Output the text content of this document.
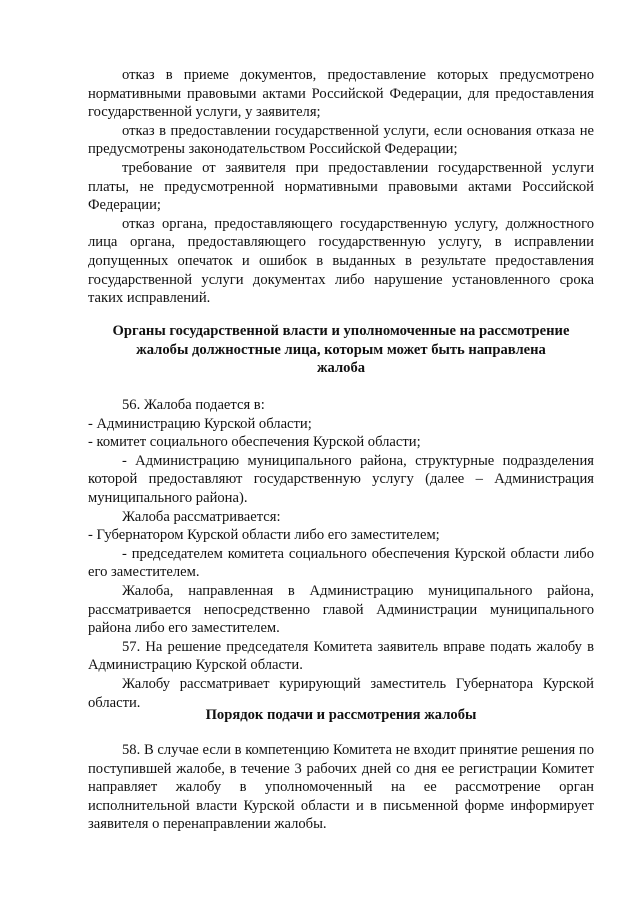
отказ в приеме документов, предоставление которых предусмотрено нормативными правовыми актами Российской Федерации, для предоставления государственной услуги, у заявителя;

отказ в предоставлении государственной услуги, если основания отказа не предусмотрены законодательством Российской Федерации;

требование от заявителя при предоставлении государственной услуги платы, не предусмотренной нормативными правовыми актами Российской Федерации;

отказ органа, предоставляющего государственную услугу, должностного лица органа, предоставляющего государственную услугу, в исправлении допущенных опечаток и ошибок в выданных в результате предоставления государственной услуги документах либо нарушение установленного срока таких исправлений.

Органы государственной власти и уполномоченные на рассмотрение жалобы должностные лица, которым может быть направлена жалоба

56. Жалоба подается в:

- Администрацию Курской области;

- комитет социального обеспечения Курской области;

- Администрацию муниципального района, структурные подразделения которой предоставляют государственную услугу (далее – Администрация муниципального района).

Жалоба рассматривается:

- Губернатором Курской области либо его заместителем;

- председателем комитета социального обеспечения Курской области либо его заместителем.

Жалоба, направленная в Администрацию муниципального района, рассматривается непосредственно главой Администрации муниципального района либо его заместителем.

57. На решение председателя Комитета заявитель вправе подать жалобу в Администрацию Курской области.

Жалобу рассматривает курирующий заместитель Губернатора Курской области.

Порядок подачи и рассмотрения жалобы

58. В случае если в компетенцию Комитета не входит принятие решения по поступившей жалобе, в течение 3 рабочих дней со дня ее регистрации Комитет направляет жалобу в уполномоченный на ее рассмотрение орган исполнительной власти Курской области и в письменной форме информирует заявителя о перенаправлении жалобы.
